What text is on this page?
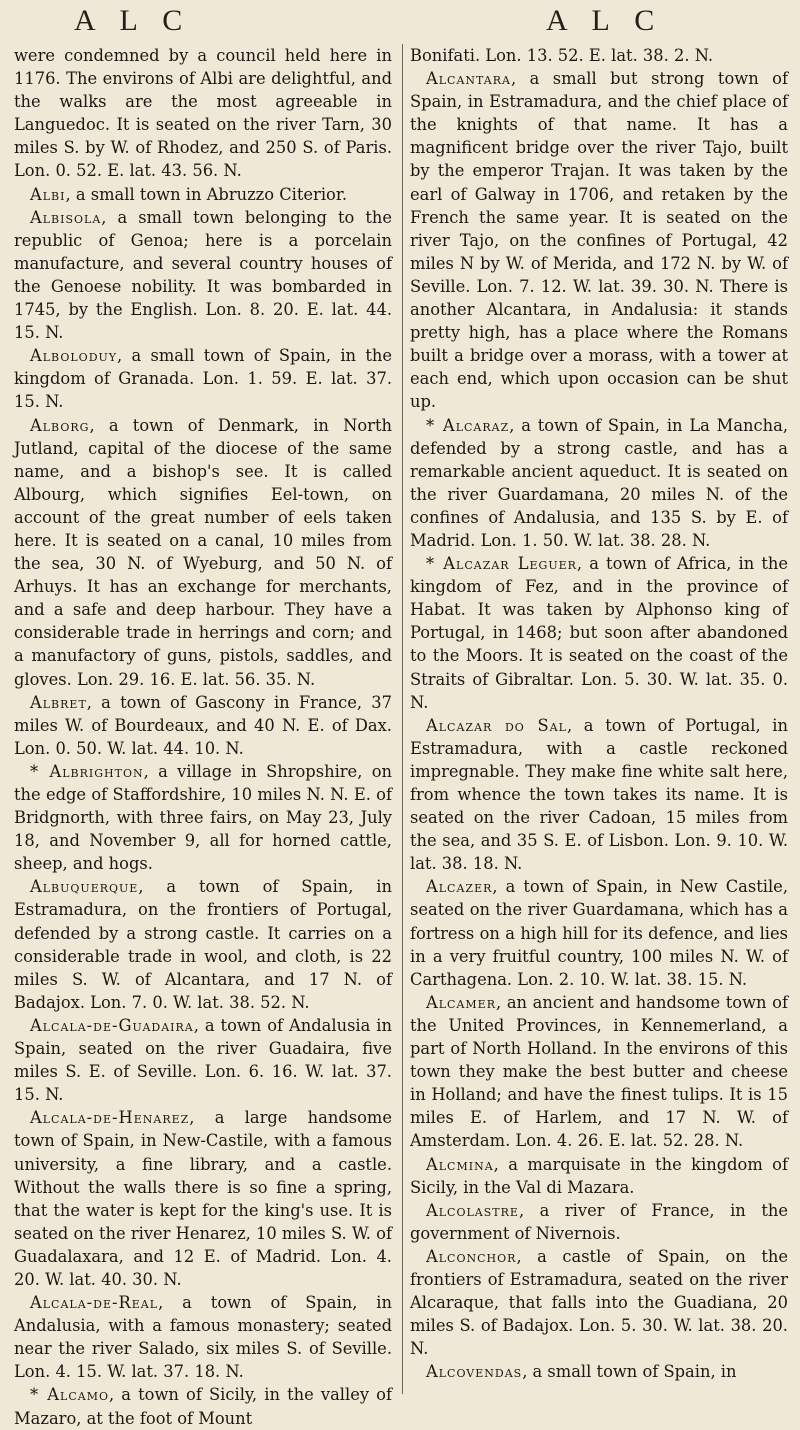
A L C	A L C

were condemned by a council held here in 1176. The environs of Albi are delightful, and the walks are the most agreeable in Languedoc. It is seated on the river Tarn, 30 miles S. by W. of Rhodez, and 250 S. of Paris. Lon. 0. 52. E. lat. 43. 56. N.

Albi, a small town in Abruzzo Citerior.

Albisola, a small town belonging to the republic of Genoa; here is a porcelain manufacture, and several country houses of the Genoese nobility. It was bombarded in 1745, by the English. Lon. 8. 20. E. lat. 44. 15. N.

Alboloduy, a small town of Spain, in the kingdom of Granada. Lon. 1. 59. E. lat. 37. 15. N.

Alborg, a town of Denmark, in North Jutland, capital of the diocese of the same name, and a bishop's see. It is called Albourg, which signifies Eel-town, on account of the great number of eels taken here. It is seated on a canal, 10 miles from the sea, 30 N. of Wyeburg, and 50 N. of Arhuys. It has an exchange for merchants, and a safe and deep harbour. They have a considerable trade in herrings and corn; and a manufactory of guns, pistols, saddles, and gloves. Lon. 29. 16. E. lat. 56. 35. N.

Albret, a town of Gascony in France, 37 miles W. of Bourdeaux, and 40 N. E. of Dax. Lon. 0. 50. W. lat. 44. 10. N.

* Albrighton, a village in Shropshire, on the edge of Staffordshire, 10 miles N. N. E. of Bridgnorth, with three fairs, on May 23, July 18, and November 9, all for horned cattle, sheep, and hogs.

Albuquerque, a town of Spain, in Estramadura, on the frontiers of Portugal, defended by a strong castle. It carries on a considerable trade in wool, and cloth, is 22 miles S. W. of Alcantara, and 17 N. of Badajox. Lon. 7. 0. W. lat. 38. 52. N.

Alcala-de-Guadaira, a town of Andalusia in Spain, seated on the river Guadaira, five miles S. E. of Seville. Lon. 6. 16. W. lat. 37. 15. N.

Alcala-de-Henarez, a large handsome town of Spain, in New-Castile, with a famous university, a fine library, and a castle. Without the walls there is so fine a spring, that the water is kept for the king's use. It is seated on the river Henarez, 10 miles S. W. of Guadalaxara, and 12 E. of Madrid. Lon. 4. 20. W. lat. 40. 30. N.

Alcala-de-Real, a town of Spain, in Andalusia, with a famous monastery; seated near the river Salado, six miles S. of Seville. Lon. 4. 15. W. lat. 37. 18. N.

* Alcamo, a town of Sicily, in the valley of Mazaro, at the foot of Mount

Bonifati. Lon. 13. 52. E. lat. 38. 2. N.

Alcantara, a small but strong town of Spain, in Estramadura, and the chief place of the knights of that name. It has a magnificent bridge over the river Tajo, built by the emperor Trajan. It was taken by the earl of Galway in 1706, and retaken by the French the same year. It is seated on the river Tajo, on the confines of Portugal, 42 miles N by W. of Merida, and 172 N. by W. of Seville. Lon. 7. 12. W. lat. 39. 30. N. There is another Alcantara, in Andalusia: it stands pretty high, has a place where the Romans built a bridge over a morass, with a tower at each end, which upon occasion can be shut up.

* Alcaraz, a town of Spain, in La Mancha, defended by a strong castle, and has a remarkable ancient aqueduct. It is seated on the river Guardamana, 20 miles N. of the confines of Andalusia, and 135 S. by E. of Madrid. Lon. 1. 50. W. lat. 38. 28. N.

* Alcazar Leguer, a town of Africa, in the kingdom of Fez, and in the province of Habat. It was taken by Alphonso king of Portugal, in 1468; but soon after abandoned to the Moors. It is seated on the coast of the Straits of Gibraltar. Lon. 5. 30. W. lat. 35. 0. N.

Alcazar do Sal, a town of Portugal, in Estramadura, with a castle reckoned impregnable. They make fine white salt here, from whence the town takes its name. It is seated on the river Cadoan, 15 miles from the sea, and 35 S. E. of Lisbon. Lon. 9. 10. W. lat. 38. 18. N.

Alcazer, a town of Spain, in New Castile, seated on the river Guardamana, which has a fortress on a high hill for its defence, and lies in a very fruitful country, 100 miles N. W. of Carthagena. Lon. 2. 10. W. lat. 38. 15. N.

Alcamer, an ancient and handsome town of the United Provinces, in Kennemerland, a part of North Holland. In the environs of this town they make the best butter and cheese in Holland; and have the finest tulips. It is 15 miles E. of Harlem, and 17 N. W. of Amsterdam. Lon. 4. 26. E. lat. 52. 28. N.

Alcmina, a marquisate in the kingdom of Sicily, in the Val di Mazara.

Alcolastre, a river of France, in the government of Nivernois.

Alconchor, a castle of Spain, on the frontiers of Estramadura, seated on the river Alcaraque, that falls into the Guadiana, 20 miles S. of Badajox. Lon. 5. 30. W. lat. 38. 20. N.

Alcovendas, a small town of Spain, in
